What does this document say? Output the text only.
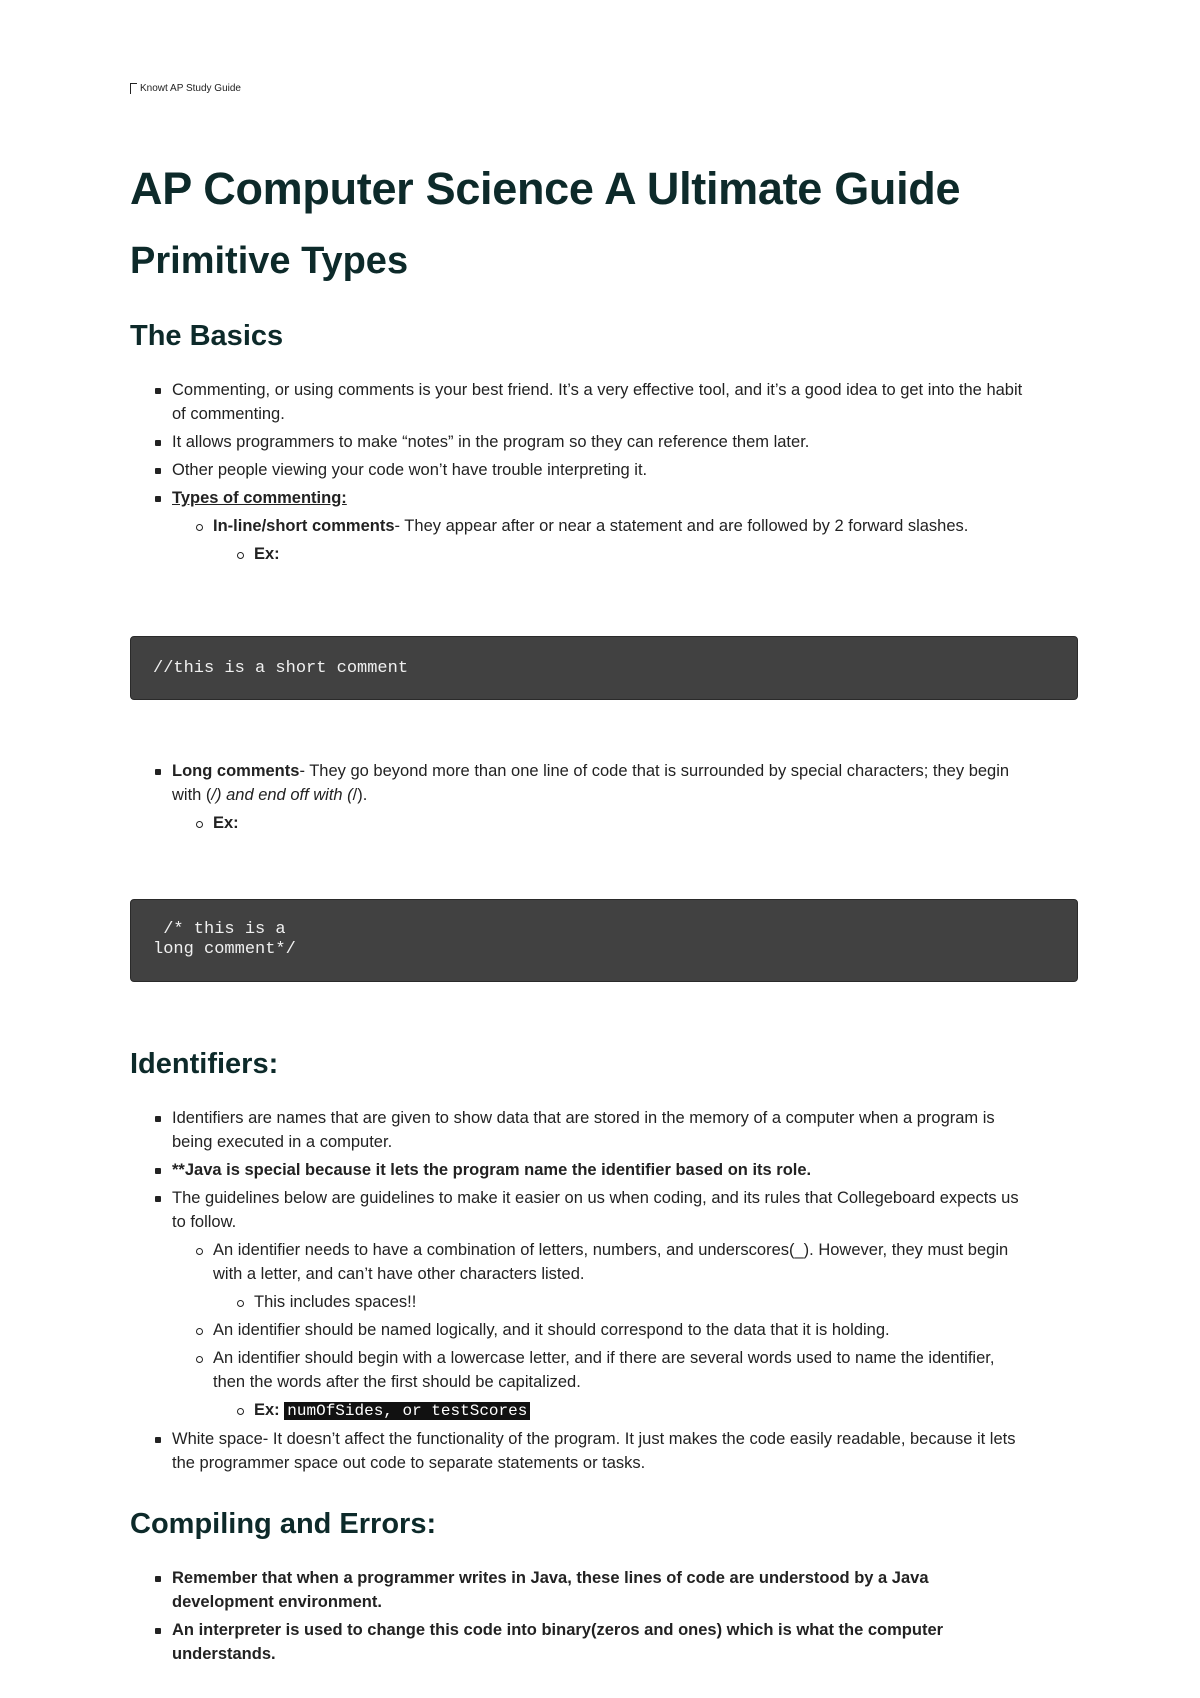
Knowt AP Study Guide
AP Computer Science A Ultimate Guide
Primitive Types
The Basics
Commenting, or using comments is your best friend. It’s a very effective tool, and it’s a good idea to get into the habit of commenting.
It allows programmers to make “notes” in the program so they can reference them later.
Other people viewing your code won’t have trouble interpreting it.
Types of commenting:
In-line/short comments- They appear after or near a statement and are followed by 2 forward slashes.
Ex:
//this is a short comment
Long comments- They go beyond more than one line of code that is surrounded by special characters; they begin with (/) and end off with (/).
Ex:
/* this is a
long comment*/
Identifiers:
Identifiers are names that are given to show data that are stored in the memory of a computer when a program is being executed in a computer.
**Java is special because it lets the program name the identifier based on its role.
The guidelines below are guidelines to make it easier on us when coding, and its rules that Collegeboard expects us to follow.
An identifier needs to have a combination of letters, numbers, and underscores(_). However, they must begin with a letter, and can’t have other characters listed.
This includes spaces!!
An identifier should be named logically, and it should correspond to the data that it is holding.
An identifier should begin with a lowercase letter, and if there are several words used to name the identifier, then the words after the first should be capitalized.
Ex: numOfSides, or testScores
White space- It doesn’t affect the functionality of the program. It just makes the code easily readable, because it lets the programmer space out code to separate statements or tasks.
Compiling and Errors:
Remember that when a programmer writes in Java, these lines of code are understood by a Java development environment.
An interpreter is used to change this code into binary(zeros and ones) which is what the computer understands.
